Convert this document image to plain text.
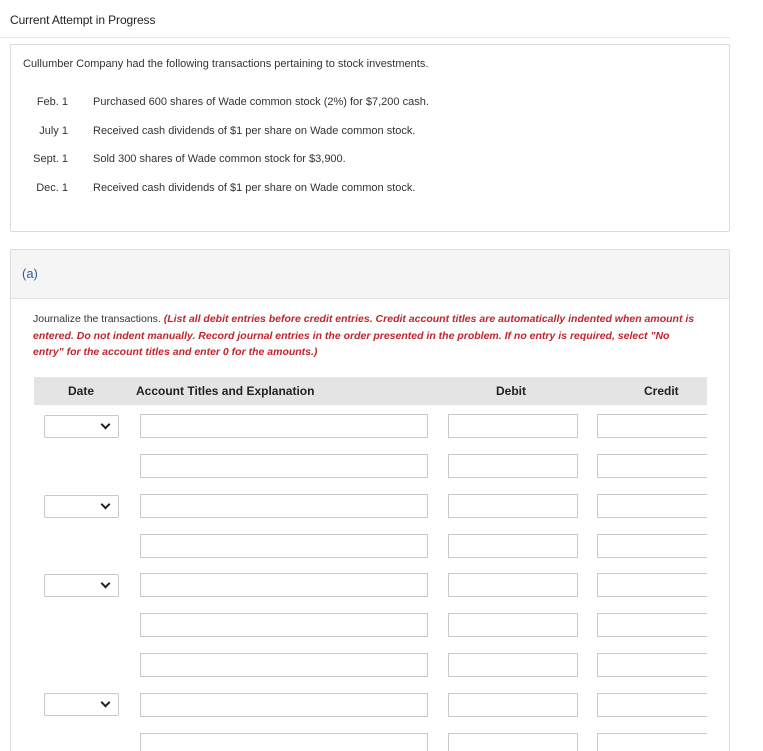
Current Attempt in Progress
Cullumber Company had the following transactions pertaining to stock investments.
Feb. 1 Purchased 600 shares of Wade common stock (2%) for $7,200 cash.
July 1 Received cash dividends of $1 per share on Wade common stock.
Sept. 1 Sold 300 shares of Wade common stock for $3,900.
Dec. 1 Received cash dividends of $1 per share on Wade common stock.
(a)
Journalize the transactions. (List all debit entries before credit entries. Credit account titles are automatically indented when amount is entered. Do not indent manually. Record journal entries in the order presented in the problem. If no entry is required, select "No entry" for the account titles and enter 0 for the amounts.)
Date	Account Titles and Explanation	Debit	Credit
